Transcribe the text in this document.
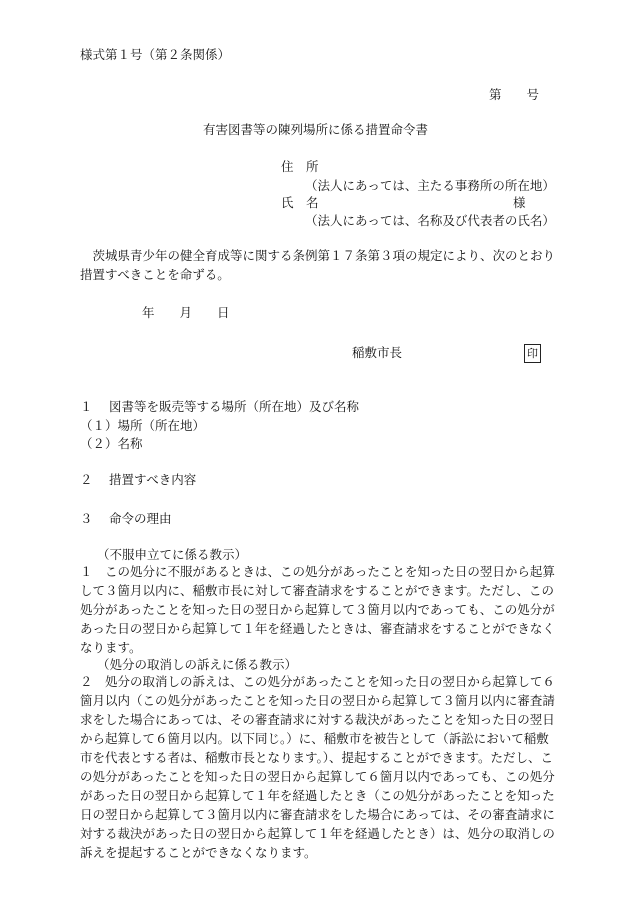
様式第１号（第２条関係）
第　　号
有害図書等の陳列場所に係る措置命令書
住　所
（法人にあっては、主たる事務所の所在地）
氏　名	様
（法人にあっては、名称及び代表者の氏名）
　茨城県青少年の健全育成等に関する条例第１７条第３項の規定により、次のとおり
措置すべきことを命ずる。
年　　月　　日
稲敷市長	印
１　 図書等を販売等する場所（所在地）及び名称
（１）場所（所在地）
（２）名称
２　 措置すべき内容
３　 命令の理由
（不服申立てに係る教示）
１　この処分に不服があるときは、この処分があったことを知った日の翌日から起算
して３箇月以内に、稲敷市長に対して審査請求をすることができます。ただし、この
処分があったことを知った日の翌日から起算して３箇月以内であっても、この処分が
あった日の翌日から起算して１年を経過したときは、審査請求をすることができなく
なります。
（処分の取消しの訴えに係る教示）
２　処分の取消しの訴えは、この処分があったことを知った日の翌日から起算して６
箇月以内（この処分があったことを知った日の翌日から起算して３箇月以内に審査請
求をした場合にあっては、その審査請求に対する裁決があったことを知った日の翌日
から起算して６箇月以内。以下同じ。）に、稲敷市を被告として（訴訟において稲敷
市を代表とする者は、稲敷市長となります。）、提起することができます。ただし、こ
の処分があったことを知った日の翌日から起算して６箇月以内であっても、この処分
があった日の翌日から起算して１年を経過したとき（この処分があったことを知った
日の翌日から起算して３箇月以内に審査請求をした場合にあっては、その審査請求に
対する裁決があった日の翌日から起算して１年を経過したとき）は、処分の取消しの
訴えを提起することができなくなります。
